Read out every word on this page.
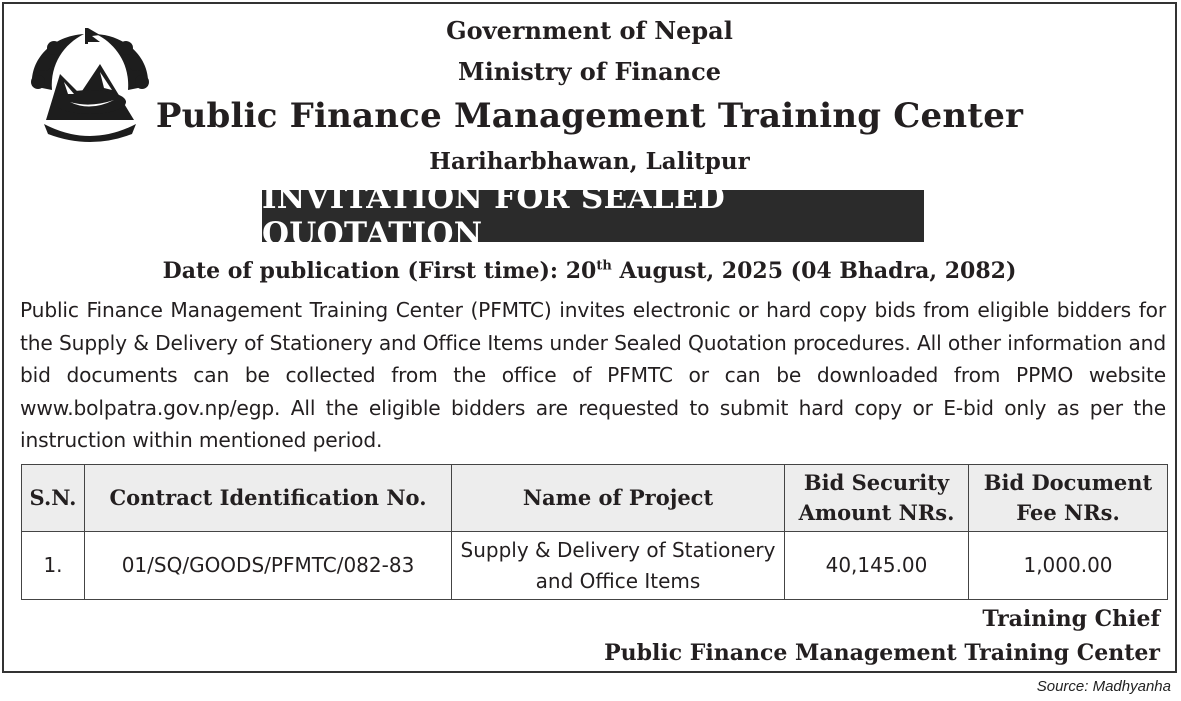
Government of Nepal
Ministry of Finance
Public Finance Management Training Center
Hariharbhawan, Lalitpur
INVITATION FOR SEALED QUOTATION
Date of publication (First time): 20th August, 2025 (04 Bhadra, 2082)
Public Finance Management Training Center (PFMTC) invites electronic or hard copy bids from eligible bidders for the Supply & Delivery of Stationery and Office Items under Sealed Quotation procedures. All other information and bid documents can be collected from the office of PFMTC or can be downloaded from PPMO website www.bolpatra.gov.np/egp. All the eligible bidders are requested to submit hard copy or E-bid only as per the instruction within mentioned period.
S.N.	Contract Identification No.	Name of Project	Bid Security Amount NRs.	Bid Document Fee NRs.
1.	01/SQ/GOODS/PFMTC/082-83	Supply & Delivery of Stationery and Office Items	40,145.00	1,000.00
Training Chief
Public Finance Management Training Center
Source: Madhyanha
